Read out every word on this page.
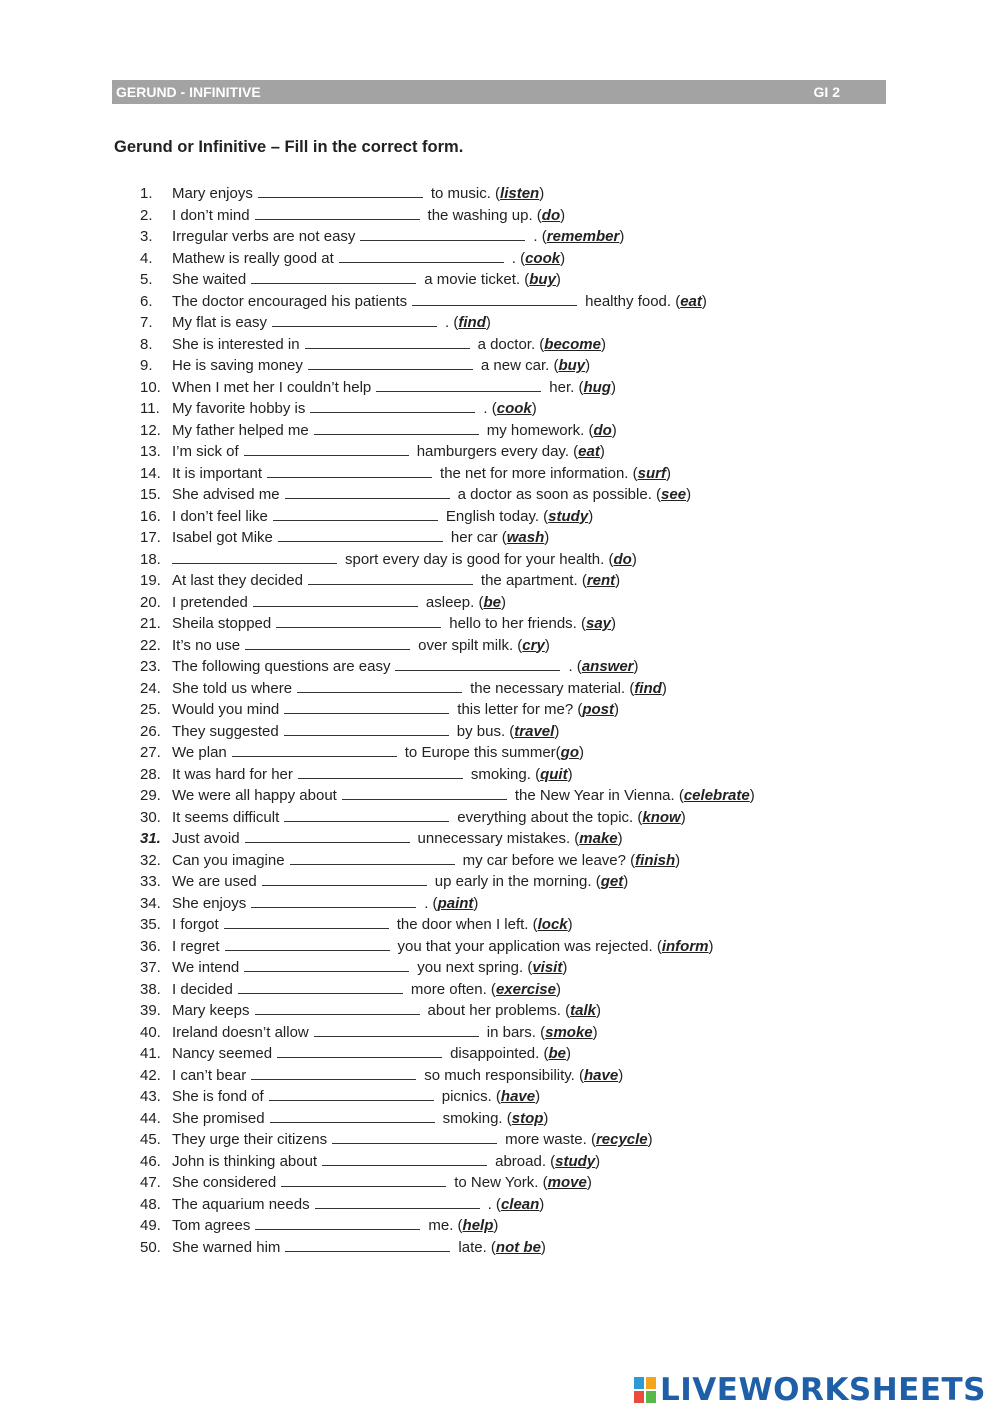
GERUND - INFINITIVE	GI 2
Gerund or Infinitive – Fill in the correct form.
1. Mary enjoys	to music. (listen)
2. I don’t mind	the washing up. (do)
3. Irregular verbs are not easy	. (remember)
4. Mathew is really good at	. (cook)
5. She waited	a movie ticket. (buy)
6. The doctor encouraged his patients	healthy food. (eat)
7. My flat is easy	. (find)
8. She is interested in	a doctor. (become)
9. He is saving money	a new car. (buy)
10. When I met her I couldn’t help	her. (hug)
11. My favorite hobby is	. (cook)
12. My father helped me	my homework. (do)
13. I’m sick of	hamburgers every day. (eat)
14. It is important	the net for more information. (surf)
15. She advised me	a doctor as soon as possible. (see)
16. I don’t feel like	English today. (study)
17. Isabel got Mike	her car (wash)
18.	sport every day is good for your health. (do)
19. At last they decided	the apartment. (rent)
20. I pretended	asleep. (be)
21. Sheila stopped	hello to her friends. (say)
22. It’s no use	over spilt milk. (cry)
23. The following questions are easy	. (answer)
24. She told us where	the necessary material. (find)
25. Would you mind	this letter for me? (post)
26. They suggested	by bus. (travel)
27. We plan	to Europe this summer(go)
28. It was hard for her	smoking. (quit)
29. We were all happy about	the New Year in Vienna. (celebrate)
30. It seems difficult	everything about the topic. (know)
31. Just avoid	unnecessary mistakes. (make)
32. Can you imagine	my car before we leave? (finish)
33. We are used	up early in the morning. (get)
34. She enjoys	. (paint)
35. I forgot	the door when I left. (lock)
36. I regret	you that your application was rejected. (inform)
37. We intend	you next spring. (visit)
38. I decided	more often. (exercise)
39. Mary keeps	about her problems. (talk)
40. Ireland doesn’t allow	in bars. (smoke)
41. Nancy seemed	disappointed. (be)
42. I can’t bear	so much responsibility. (have)
43. She is fond of	picnics. (have)
44. She promised	smoking. (stop)
45. They urge their citizens	more waste. (recycle)
46. John is thinking about	abroad. (study)
47. She considered	to New York. (move)
48. The aquarium needs	. (clean)
49. Tom agrees	me. (help)
50. She warned him	late. (not be)
LIVEWORKSHEETS
